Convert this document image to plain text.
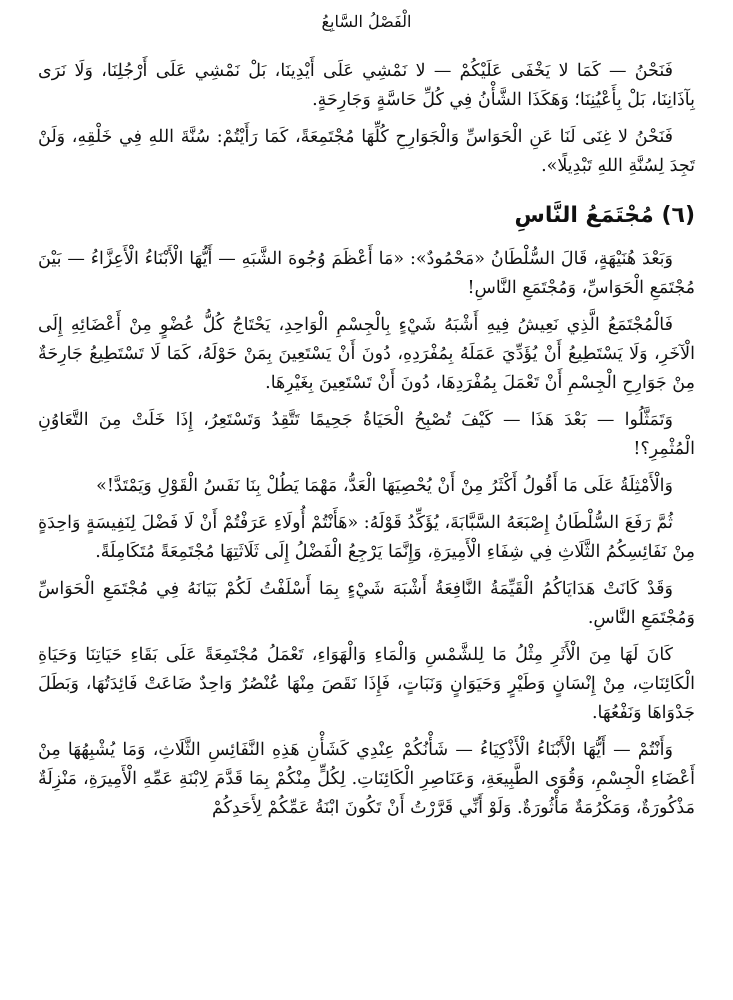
الْفَصْلُ السَّابِعُ

فَنَحْنُ — كَمَا لا يَخْفَى عَلَيْكُمْ — لا نَمْشِي عَلَى أَيْدِينَا، بَلْ نَمْشِي عَلَى أَرْجُلِنَا، وَلَا نَرَى بِآذَانِنَا، بَلْ بِأَعْيُنِنَا؛ وَهَكَذَا الشَّأْنُ فِي كُلِّ حَاسَّةٍ وَجَارِحَةٍ.

فَنَحْنُ لا غِنَى لَنَا عَنِ الْحَوَاسِّ وَالْجَوَارِحِ كُلِّهَا مُجْتَمِعَةً، كَمَا رَأَيْتُمْ: سُنَّةَ اللهِ فِي خَلْقِهِ، وَلَنْ تَجِدَ لِسُنَّةِ اللهِ تَبْدِيلًا».

(٦) مُجْتَمَعُ النَّاسِ

وَبَعْدَ هُنَيْهَةٍ، قَالَ السُّلْطَانُ «مَحْمُودٌ»: «مَا أَعْظَمَ وُجُوهَ الشَّبَهِ — أَيُّهَا الْأَبْنَاءُ الْأَعِزَّاءُ — بَيْنَ مُجْتَمَعِ الْحَوَاسِّ، وَمُجْتَمَعِ النَّاسِ!

فَالْمُجْتَمَعُ الَّذِي نَعِيشُ فِيهِ أَشْبَهُ شَيْءٍ بِالْجِسْمِ الْوَاحِدِ، يَحْتَاجُ كُلُّ عُضْوٍ مِنْ أَعْضَائِهِ إِلَى الْآخَرِ، وَلَا يَسْتَطِيعُ أَنْ يُؤَدِّيَ عَمَلَهُ بِمُفْرَدِهِ، دُونَ أَنْ يَسْتَعِينَ بِمَنْ حَوْلَهُ، كَمَا لَا تَسْتَطِيعُ جَارِحَةٌ مِنْ جَوَارِحِ الْجِسْمِ أَنْ تَعْمَلَ بِمُفْرَدِهَا، دُونَ أَنْ تَسْتَعِينَ بِغَيْرِهَا.

وَتَمَثَّلُوا — بَعْدَ هَذَا — كَيْفَ تُصْبِحُ الْحَيَاةُ جَحِيمًا تَتَّقِدُ وَتَسْتَعِرُ، إِذَا خَلَتْ مِنَ التَّعَاوُنِ الْمُثْمِرِ؟!

وَالْأَمْثِلَةُ عَلَى مَا أَقُولُ أَكْثَرُ مِنْ أَنْ يُحْصِيَهَا الْعَدُّ، مَهْمَا يَطُلْ بِنَا نَفَسُ الْقَوْلِ وَيَمْتَدَّ!»

ثُمَّ رَفَعَ السُّلْطَانُ إِصْبَعَهُ السَّبَّابَةَ، يُؤَكِّدُ قَوْلَهُ: «هَأَنْتُمْ أُولَاءِ عَرَفْتُمْ أَنْ لَا فَضْلَ لِنَفِيسَةٍ وَاحِدَةٍ مِنْ نَفَائِسِكُمُ الثَّلَاثِ فِي شِفَاءِ الْأَمِيرَةِ، وَإِنَّمَا يَرْجِعُ الْفَضْلُ إِلَى ثَلَاثَتِهَا مُجْتَمِعَةً مُتَكَامِلَةً.

وَقَدْ كَانَتْ هَدَايَاكُمُ الْقَيِّمَةُ النَّافِعَةُ أَشْبَهَ شَيْءٍ بِمَا أَسْلَفْتُ لَكُمْ بَيَانَهُ فِي مُجْتَمَعِ الْحَوَاسِّ وَمُجْتَمَعِ النَّاسِ.

كَانَ لَهَا مِنَ الْأَثَرِ مِثْلُ مَا لِلشَّمْسِ وَالْمَاءِ وَالْهَوَاءِ، تَعْمَلُ مُجْتَمِعَةً عَلَى بَقَاءِ حَيَاتِنَا وَحَيَاةِ الْكَائِنَاتِ، مِنْ إِنْسَانٍ وَطَيْرٍ وَحَيَوَانٍ وَنَبَاتٍ، فَإِذَا نَقَصَ مِنْهَا عُنْصُرٌ وَاحِدٌ ضَاعَتْ فَائِدَتُهَا، وَبَطَلَ جَدْوَاهَا وَنَفْعُهَا.

وَأَنْتُمْ — أَيُّهَا الْأَبْنَاءُ الْأَذْكِيَاءُ — شَأْنُكُمْ عِنْدِي كَشَأْنِ هَذِهِ النَّفَائِسِ الثَّلَاثِ، وَمَا يُشْبِهُهَا مِنْ أَعْضَاءِ الْجِسْمِ، وَقُوَى الطَّبِيعَةِ، وَعَنَاصِرِ الْكَائِنَاتِ. لِكُلٍّ مِنْكُمْ بِمَا قَدَّمَ لِابْنَةِ عَمِّهِ الْأَمِيرَةِ، مَنْزِلَةٌ مَذْكُورَةٌ، وَمَكْرُمَةٌ مَأْثُورَةٌ. وَلَوْ أَنِّي قَرَّرْتُ أَنْ تَكُونَ ابْنَةُ عَمِّكُمْ لِأَحَدِكُمْ
